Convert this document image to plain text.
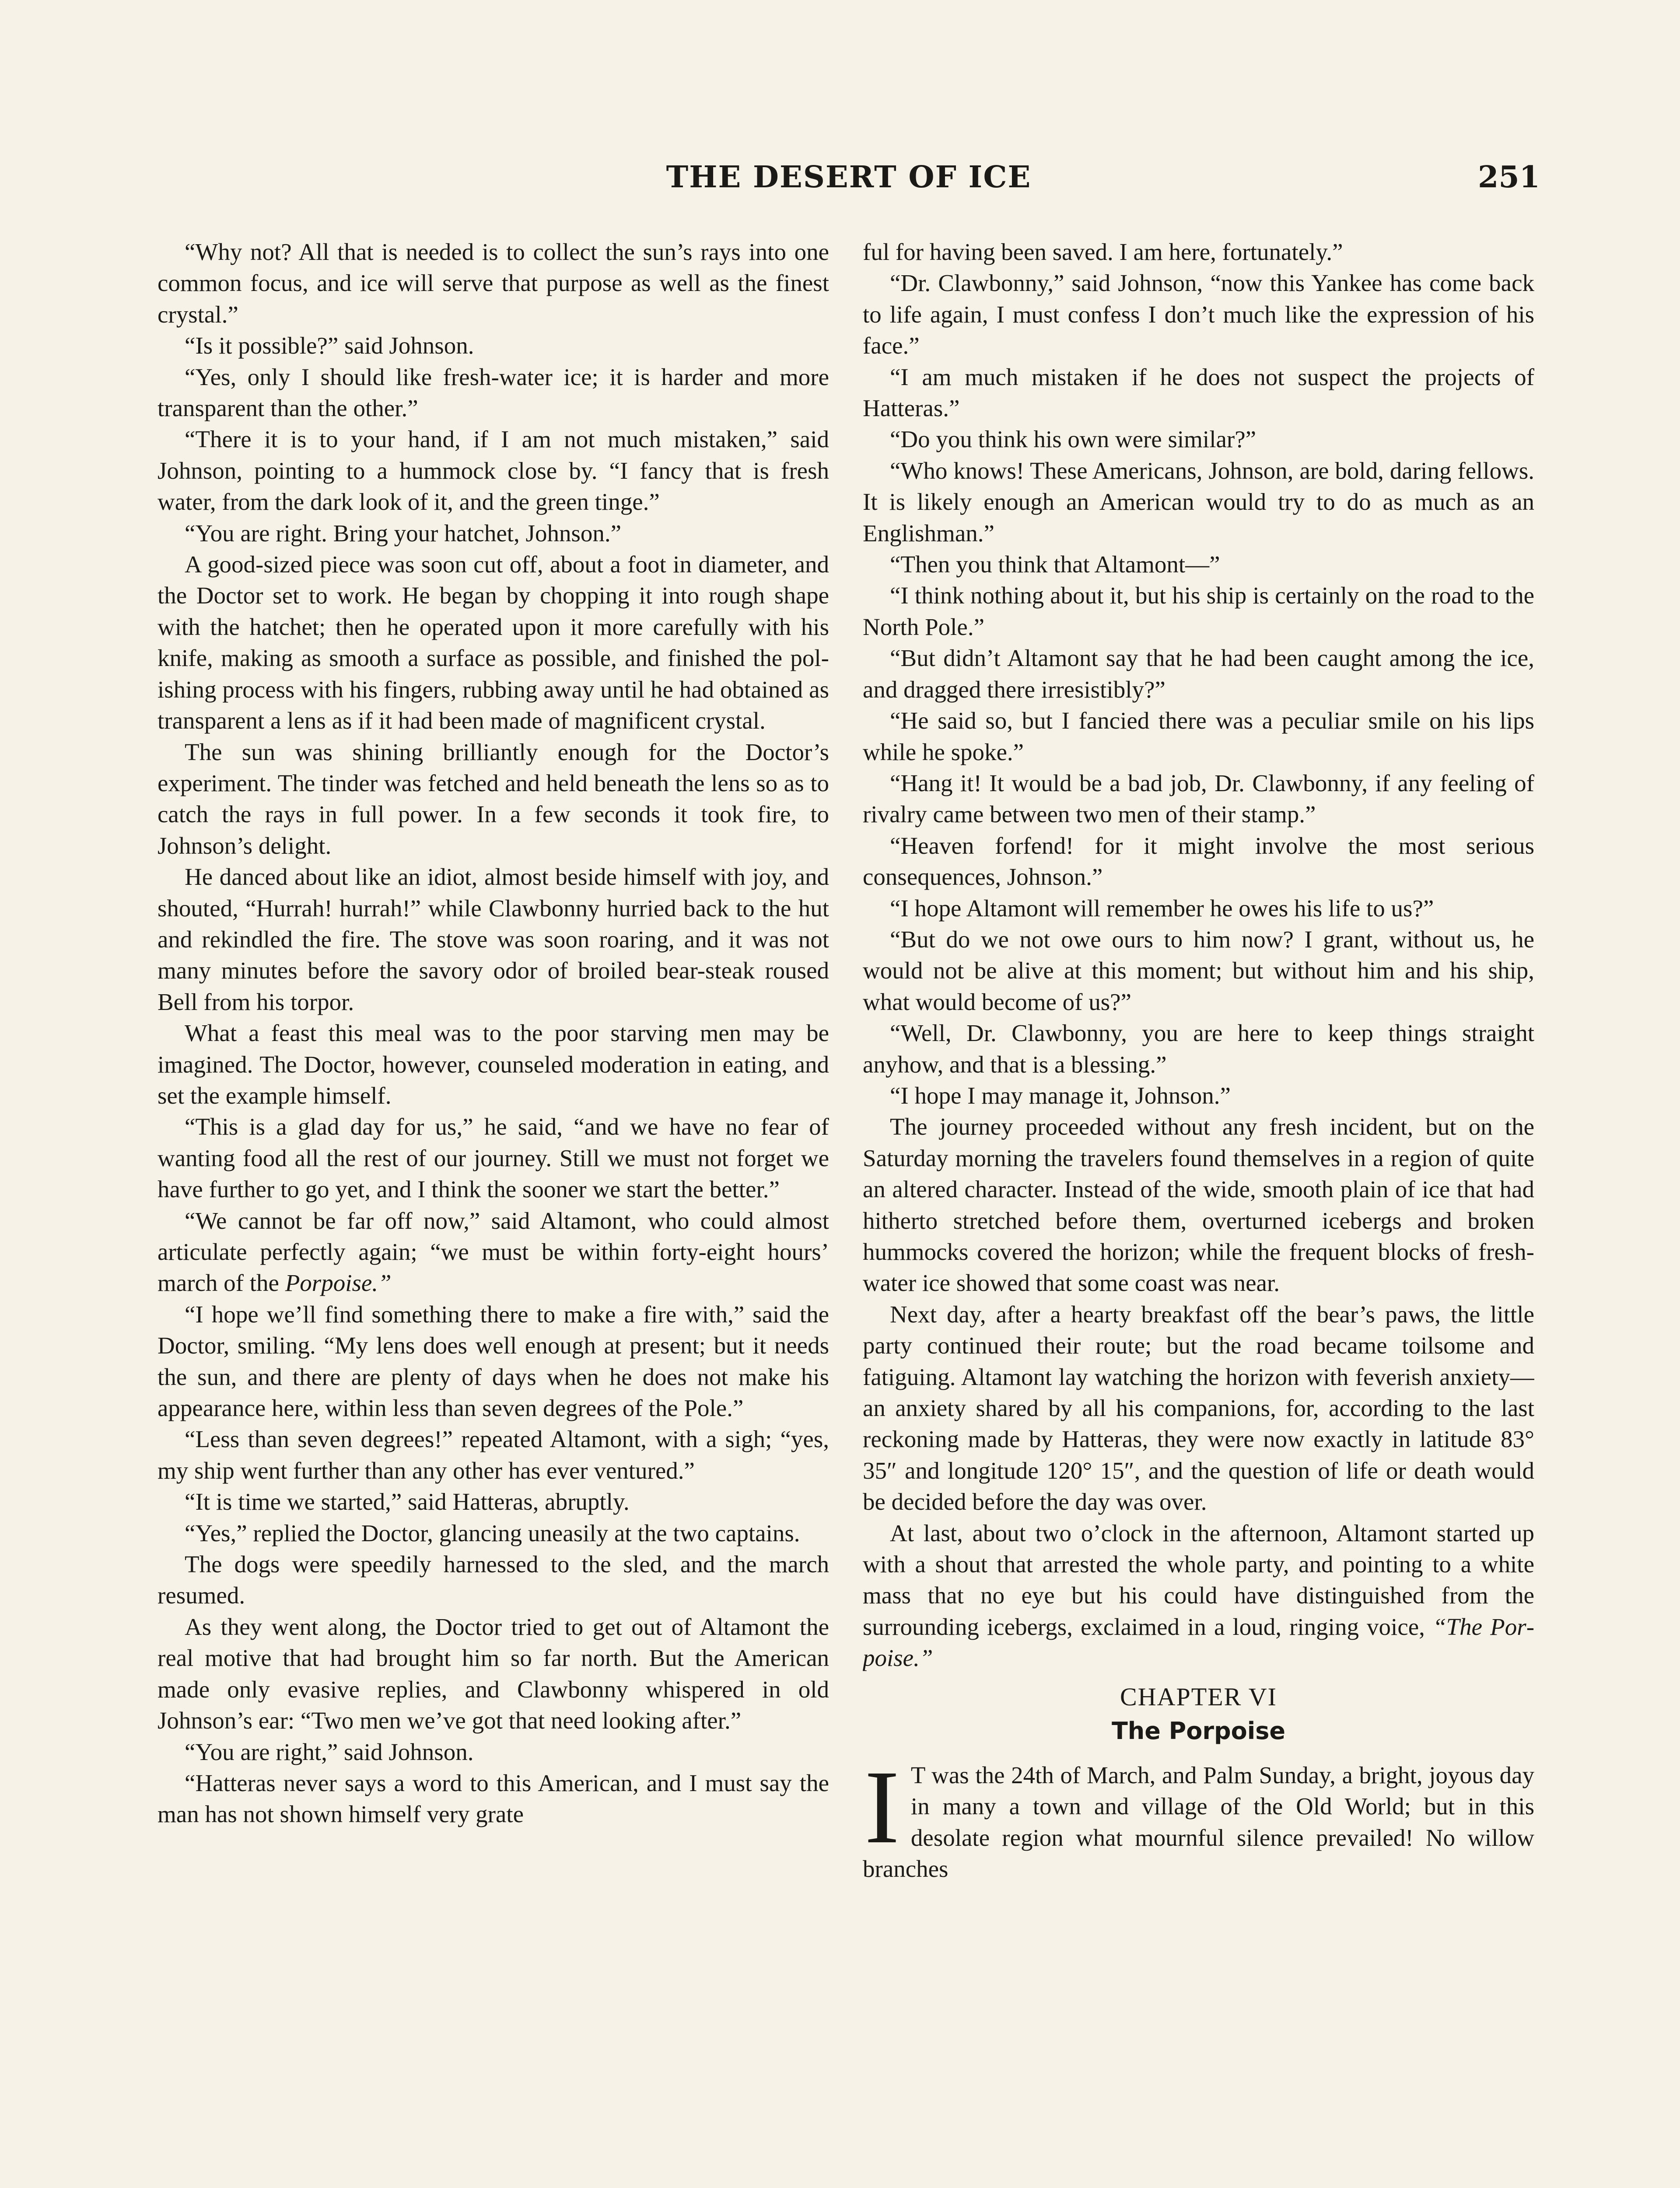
THE DESERT OF ICE	251

“Why not? All that is needed is to collect the sun’s rays into one common focus, and ice will serve that purpose as well as the finest crystal.”

“Is it possible?” said Johnson.

“Yes, only I should like fresh-water ice; it is harder and more transparent than the other.”

“There it is to your hand, if I am not much mistaken,” said Johnson, pointing to a hummock close by. “I fancy that is fresh water, from the dark look of it, and the green tinge.”

“You are right. Bring your hatchet, Johnson.”

A good-sized piece was soon cut off, about a foot in diameter, and the Doctor set to work. He began by chopping it into rough shape with the hatchet; then he operated upon it more carefully with his knife, making as smooth a surface as possible, and finished the polishing process with his fingers, rubbing away until he had obtained as transparent a lens as if it had been made of magnificent crystal.

The sun was shining brilliantly enough for the Doctor’s experiment. The tinder was fetched and held beneath the lens so as to catch the rays in full power. In a few seconds it took fire, to Johnson’s delight.

He danced about like an idiot, almost beside himself with joy, and shouted, “Hurrah! hurrah!” while Clawbonny hurried back to the hut and rekindled the fire. The stove was soon roaring, and it was not many minutes before the savory odor of broiled bear-steak roused Bell from his torpor.

What a feast this meal was to the poor starving men may be imagined. The Doctor, however, counseled moderation in eating, and set the example himself.

“This is a glad day for us,” he said, “and we have no fear of wanting food all the rest of our journey. Still we must not forget we have further to go yet, and I think the sooner we start the better.”

“We cannot be far off now,” said Altamont, who could almost articulate perfectly again; “we must be within forty-eight hours’ march of the Porpoise.”

“I hope we’ll find something there to make a fire with,” said the Doctor, smiling. “My lens does well enough at present; but it needs the sun, and there are plenty of days when he does not make his appearance here, within less than seven degrees of the Pole.”

“Less than seven degrees!” repeated Altamont, with a sigh; “yes, my ship went further than any other has ever ventured.”

“It is time we started,” said Hatteras, abruptly.

“Yes,” replied the Doctor, glancing uneasily at the two captains.

The dogs were speedily harnessed to the sled, and the march resumed.

As they went along, the Doctor tried to get out of Altamont the real motive that had brought him so far north. But the American made only evasive replies, and Clawbonny whispered in old Johnson’s ear: “Two men we’ve got that need looking after.”

“You are right,” said Johnson.

“Hatteras never says a word to this American, and I must say the man has not shown himself very grate

ful for having been saved. I am here, fortunately.”

“Dr. Clawbonny,” said Johnson, “now this Yankee has come back to life again, I must confess I don’t much like the expression of his face.”

“I am much mistaken if he does not suspect the projects of Hatteras.”

“Do you think his own were similar?”

“Who knows! These Americans, Johnson, are bold, daring fellows. It is likely enough an American would try to do as much as an Englishman.”

“Then you think that Altamont—”

“I think nothing about it, but his ship is certainly on the road to the North Pole.”

“But didn’t Altamont say that he had been caught among the ice, and dragged there irresistibly?”

“He said so, but I fancied there was a peculiar smile on his lips while he spoke.”

“Hang it! It would be a bad job, Dr. Clawbonny, if any feeling of rivalry came between two men of their stamp.”

“Heaven forfend! for it might involve the most serious consequences, Johnson.”

“I hope Altamont will remember he owes his life to us?”

“But do we not owe ours to him now? I grant, without us, he would not be alive at this moment; but without him and his ship, what would become of us?”

“Well, Dr. Clawbonny, you are here to keep things straight anyhow, and that is a blessing.”

“I hope I may manage it, Johnson.”

The journey proceeded without any fresh incident, but on the Saturday morning the travelers found themselves in a region of quite an altered character. Instead of the wide, smooth plain of ice that had hitherto stretched before them, overturned icebergs and broken hummocks covered the horizon; while the frequent blocks of fresh-water ice showed that some coast was near.

Next day, after a hearty breakfast off the bear’s paws, the little party continued their route; but the road became toilsome and fatiguing. Altamont lay watching the horizon with feverish anxiety—an anxiety shared by all his companions, for, according to the last reckoning made by Hatteras, they were now exactly in latitude 83° 35″ and longitude 120° 15″, and the question of life or death would be decided before the day was over.

At last, about two o’clock in the afternoon, Altamont started up with a shout that arrested the whole party, and pointing to a white mass that no eye but his could have distinguished from the surrounding icebergs, exclaimed in a loud, ringing voice, “The Porpoise.”

CHAPTER VI
The Porpoise

I T was the 24th of March, and Palm Sunday, a bright, joyous day in many a town and village of the Old World; but in this desolate region what mournful silence prevailed! No willow branches
